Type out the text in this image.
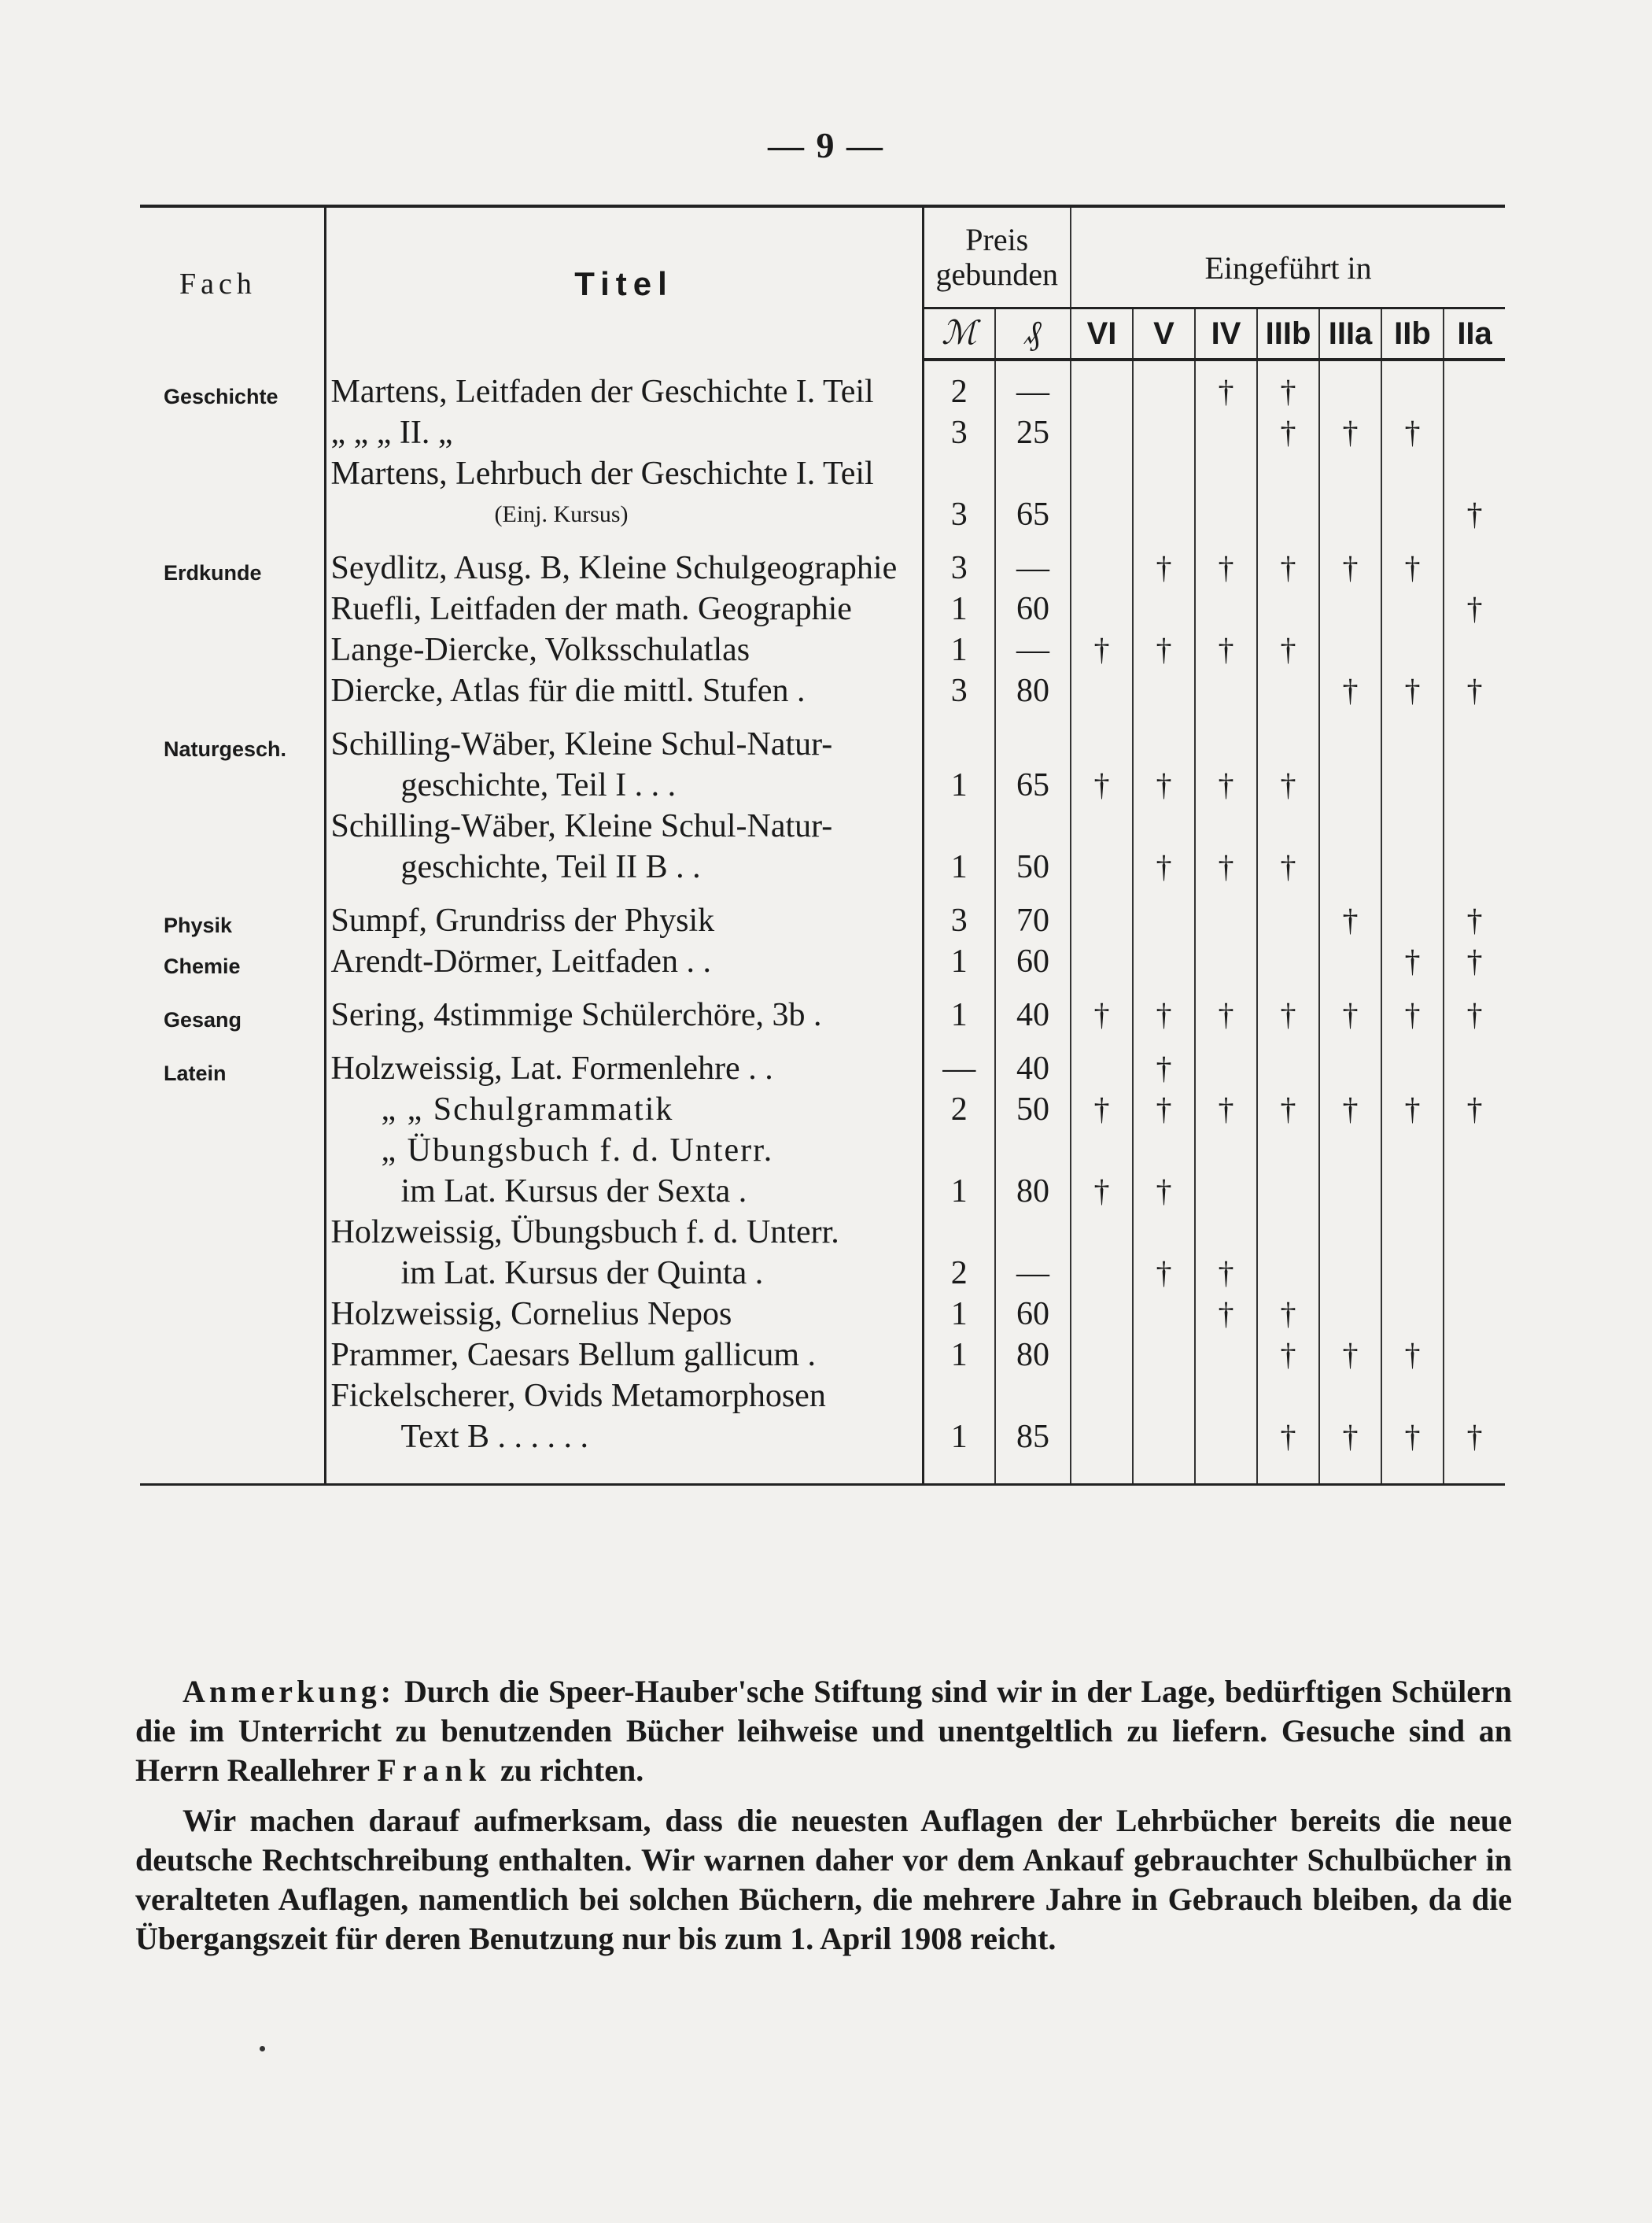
— 9 —
Fach	Titel	Preis
gebunden		Eingeführt in						
		ℳ	₰	VI	V	IV	IIIb	IIIa	IIb	IIa

Geschichte	Martens, Leitfaden der Geschichte I. Teil	2	—			†	†			
	„ „ „ II. „	3	25				†	†	†	
	Martens, Lehrbuch der Geschichte I. Teil									
	(Einj. Kursus)	3	65							†

Erdkunde	Seydlitz, Ausg. B, Kleine Schulgeographie	3	—		†	†	†	†	†	
	Ruefli, Leitfaden der math. Geographie	1	60							†
	Lange-Diercke, Volksschulatlas	1	—	†	†	†	†			
	Diercke, Atlas für die mittl. Stufen .	3	80					†	†	†

Naturgesch.	Schilling-Wäber, Kleine Schul-Natur-									
	geschichte, Teil I . . .	1	65	†	†	†	†			
	Schilling-Wäber, Kleine Schul-Natur-									
	geschichte, Teil II B . .	1	50		†	†	†			

Physik	Sumpf, Grundriss der Physik	3	70					†		†
Chemie	Arendt-Dörmer, Leitfaden . .	1	60						†	†

Gesang	Sering, 4stimmige Schülerchöre, 3b .	1	40	†	†	†	†	†	†	†

Latein	Holzweissig, Lat. Formenlehre . .	—	40		†					
	„ „ Schulgrammatik	2	50	†	†	†	†	†	†	†
	„ Übungsbuch f. d. Unterr.									
	im Lat. Kursus der Sexta .	1	80	†	†					
	Holzweissig, Übungsbuch f. d. Unterr.									
	im Lat. Kursus der Quinta .	2	—		†	†				
	Holzweissig, Cornelius Nepos	1	60			†	†			
	Prammer, Caesars Bellum gallicum .	1	80				†	†	†	
	Fickelscherer, Ovids Metamorphosen									
	Text B . . . . . .	1	85				†	†	†	†

Anmerkung: Durch die Speer-Hauber'sche Stiftung sind wir in der Lage, bedürftigen Schülern die im Unterricht zu benutzenden Bücher leihweise und unentgeltlich zu liefern. Gesuche sind an Herrn Reallehrer Frank zu richten.

Wir machen darauf aufmerksam, dass die neuesten Auflagen der Lehrbücher bereits die neue deutsche Rechtschreibung enthalten. Wir warnen daher vor dem Ankauf gebrauchter Schulbücher in veralteten Auflagen, namentlich bei solchen Büchern, die mehrere Jahre in Gebrauch bleiben, da die Übergangszeit für deren Benutzung nur bis zum 1. April 1908 reicht.
